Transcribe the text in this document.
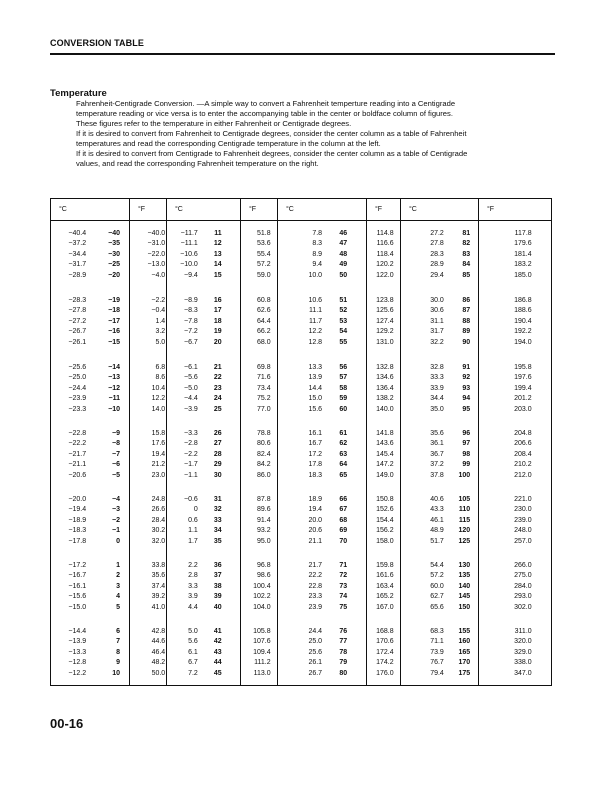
CONVERSION TABLE
Temperature

Fahrenheit-Centigrade Conversion. —A simple way to convert a Fahrenheit temperture reading into a Centigrade

temperature reading or vice versa is to enter the accompanying table in the center or boldface column of figures.

These figures refer to the temperature in either Fahrenheit or Centigrade degrees.

If it is desired to convert from Fahrenheit to Centigrade degrees, consider the center column as a table of Fahrenheit

temperatures and read the corresponding Centigrade temperature in the column at the left.

If it is desired to convert from Centigrade to Fahrenheit degrees, consider the center column as a table of Centigrade

values, and read the corresponding Fahrenheit temperature on the right.

°C	°F	°C	°F	°C	°F	°C	°F
−40.4	−40	−40.0	−11.7	11	51.8	7.8	46	114.8	27.2	81	117.8
−37.2	−35	−31.0	−11.1	12	53.6	8.3	47	116.6	27.8	82	179.6
−34.4	−30	−22.0	−10.6	13	55.4	8.9	48	118.4	28.3	83	181.4
−31.7	−25	−13.0	−10.0	14	57.2	9.4	49	120.2	28.9	84	183.2
−28.9	−20	−4.0	−9.4	15	59.0	10.0	50	122.0	29.4	85	185.0
−28.3	−19	−2.2	−8.9	16	60.8	10.6	51	123.8	30.0	86	186.8
−27.8	−18	−0.4	−8.3	17	62.6	11.1	52	125.6	30.6	87	188.6
−27.2	−17	1.4	−7.8	18	64.4	11.7	53	127.4	31.1	88	190.4
−26.7	−16	3.2	−7.2	19	66.2	12.2	54	129.2	31.7	89	192.2
−26.1	−15	5.0	−6.7	20	68.0	12.8	55	131.0	32.2	90	194.0
−25.6	−14	6.8	−6.1	21	69.8	13.3	56	132.8	32.8	91	195.8
−25.0	−13	8.6	−5.6	22	71.6	13.9	57	134.6	33.3	92	197.6
−24.4	−12	10.4	−5.0	23	73.4	14.4	58	136.4	33.9	93	199.4
−23.9	−11	12.2	−4.4	24	75.2	15.0	59	138.2	34.4	94	201.2
−23.3	−10	14.0	−3.9	25	77.0	15.6	60	140.0	35.0	95	203.0
−22.8	−9	15.8	−3.3	26	78.8	16.1	61	141.8	35.6	96	204.8
−22.2	−8	17.6	−2.8	27	80.6	16.7	62	143.6	36.1	97	206.6
−21.7	−7	19.4	−2.2	28	82.4	17.2	63	145.4	36.7	98	208.4
−21.1	−6	21.2	−1.7	29	84.2	17.8	64	147.2	37.2	99	210.2
−20.6	−5	23.0	−1.1	30	86.0	18.3	65	149.0	37.8	100	212.0
−20.0	−4	24.8	−0.6	31	87.8	18.9	66	150.8	40.6	105	221.0
−19.4	−3	26.6	0	32	89.6	19.4	67	152.6	43.3	110	230.0
−18.9	−2	28.4	0.6	33	91.4	20.0	68	154.4	46.1	115	239.0
−18.3	−1	30.2	1.1	34	93.2	20.6	69	156.2	48.9	120	248.0
−17.8	0	32.0	1.7	35	95.0	21.1	70	158.0	51.7	125	257.0
−17.2	1	33.8	2.2	36	96.8	21.7	71	159.8	54.4	130	266.0
−16.7	2	35.6	2.8	37	98.6	22.2	72	161.6	57.2	135	275.0
−16.1	3	37.4	3.3	38	100.4	22.8	73	163.4	60.0	140	284.0
−15.6	4	39.2	3.9	39	102.2	23.3	74	165.2	62.7	145	293.0
−15.0	5	41.0	4.4	40	104.0	23.9	75	167.0	65.6	150	302.0
−14.4	6	42.8	5.0	41	105.8	24.4	76	168.8	68.3	155	311.0
−13.9	7	44.6	5.6	42	107.6	25.0	77	170.6	71.1	160	320.0
−13.3	8	46.4	6.1	43	109.4	25.6	78	172.4	73.9	165	329.0
−12.8	9	48.2	6.7	44	111.2	26.1	79	174.2	76.7	170	338.0
−12.2	10	50.0	7.2	45	113.0	26.7	80	176.0	79.4	175	347.0
00-16
